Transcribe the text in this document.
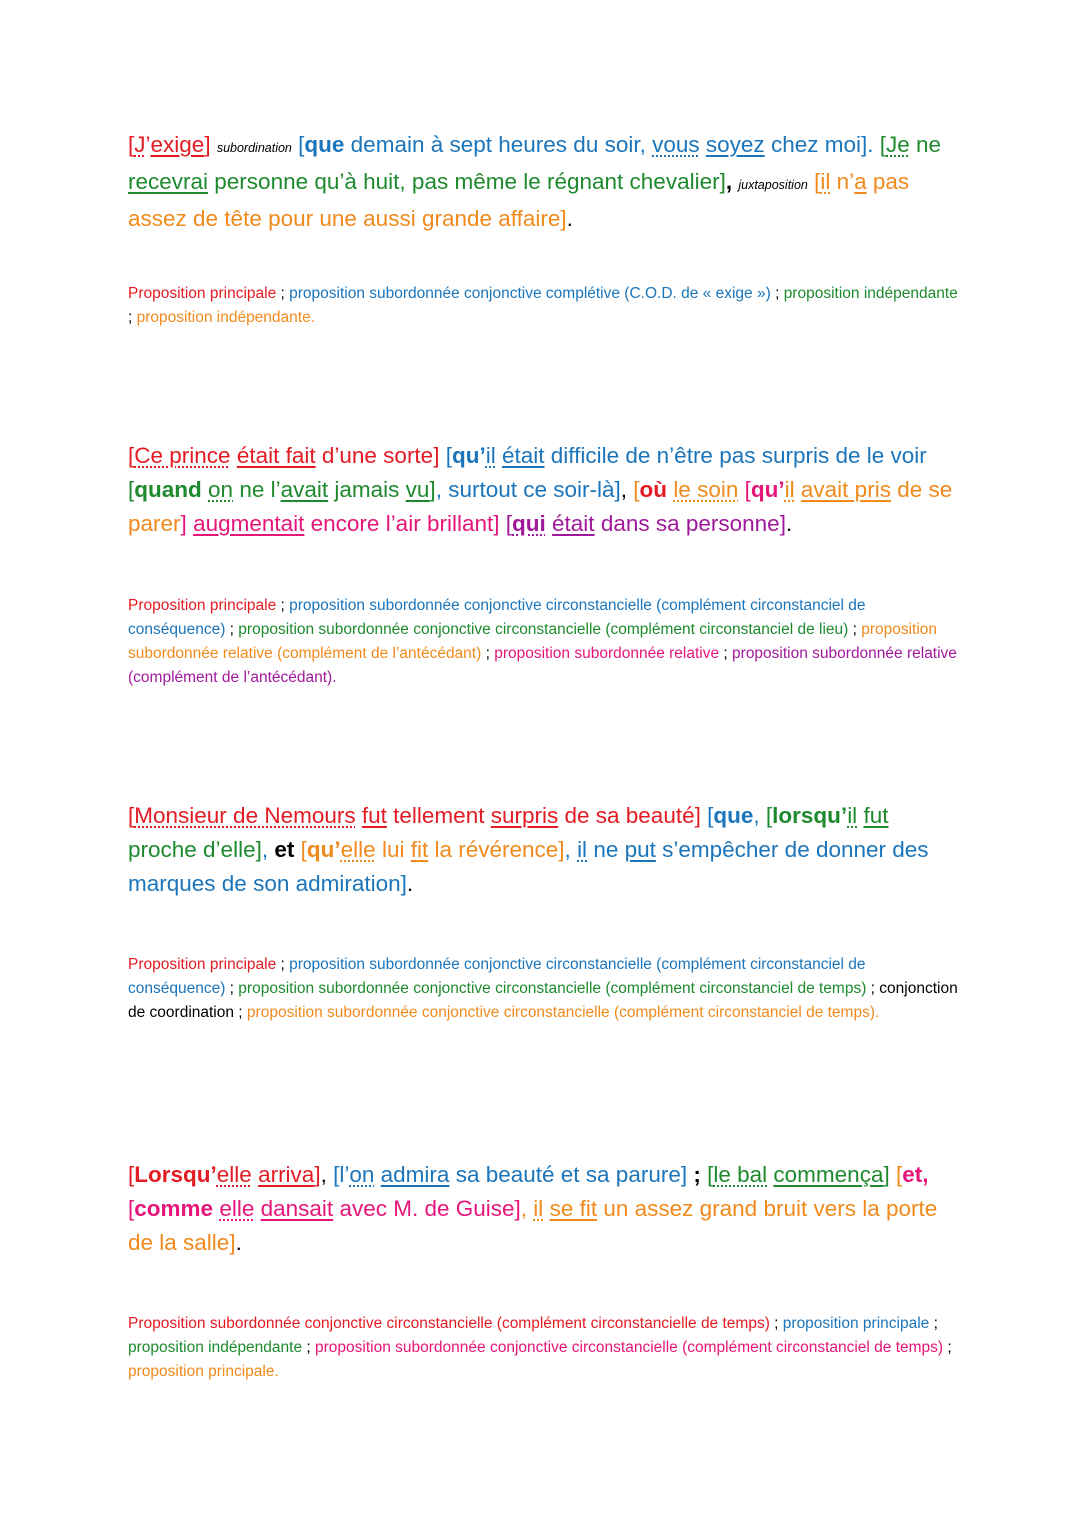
[J’exige] subordination [que demain à sept heures du soir, vous soyez chez moi]. [Je ne recevrai personne qu’à huit, pas même le régnant chevalier], juxtaposition [il n’a pas assez de tête pour une aussi grande affaire].

Proposition principale ; proposition subordonnée conjonctive complétive (C.O.D. de « exige ») ; proposition indépendante ; proposition indépendante.

[Ce prince était fait d’une sorte] [qu’il était difficile de n’être pas surpris de le voir [quand on ne l’avait jamais vu], surtout ce soir-là], [où le soin [qu’il avait pris de se parer] augmentait encore l’air brillant] [qui était dans sa personne].

Proposition principale ; proposition subordonnée conjonctive circonstancielle (complément circonstanciel de conséquence) ; proposition subordonnée conjonctive circonstancielle (complément circonstanciel de lieu) ; proposition subordonnée relative (complément de l’antécédant) ; proposition subordonnée relative ; proposition subordonnée relative (complément de l’antécédant).

[Monsieur de Nemours fut tellement surpris de sa beauté] [que, [lorsqu’il fut proche d’elle], et [qu’elle lui fit la révérence], il ne put s’empêcher de donner des marques de son admiration].

Proposition principale ; proposition subordonnée conjonctive circonstancielle (complément circonstanciel de conséquence) ; proposition subordonnée conjonctive circonstancielle (complément circonstanciel de temps) ; conjonction de coordination ; proposition subordonnée conjonctive circonstancielle (complément circonstanciel de temps).

[Lorsqu’elle arriva], [l’on admira sa beauté et sa parure] ; [le bal commença] [et, [comme elle dansait avec M. de Guise], il se fit un assez grand bruit vers la porte de la salle].

Proposition subordonnée conjonctive circonstancielle (complément circonstancielle de temps) ; proposition principale ; proposition indépendante ; proposition subordonnée conjonctive circonstancielle (complément circonstanciel de temps) ; proposition principale.
